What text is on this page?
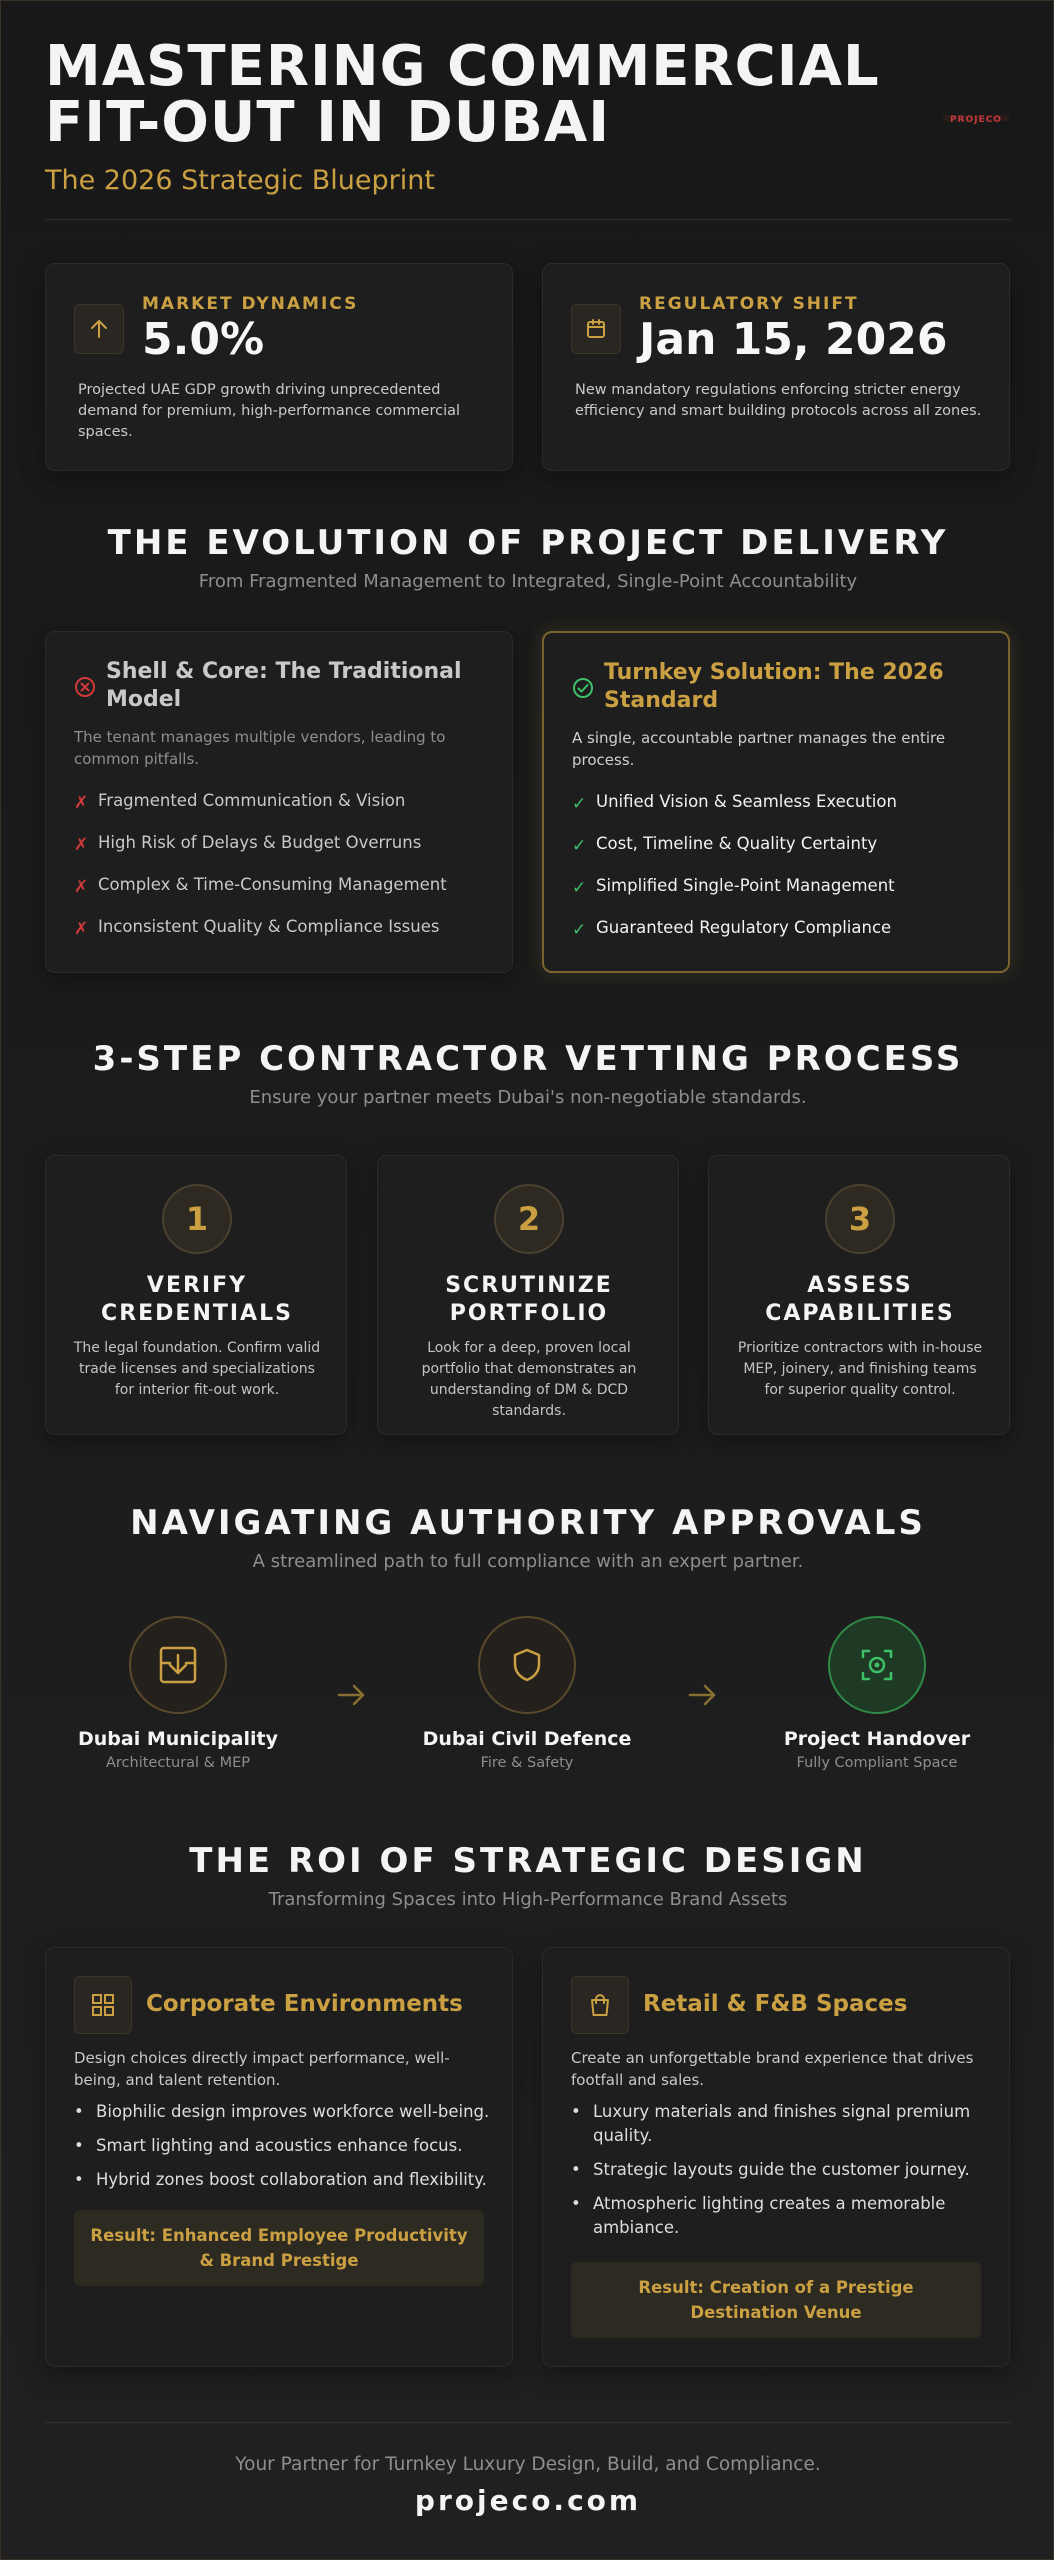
MASTERING COMMERCIAL FIT-OUT IN DUBAI
The 2026 Strategic Blueprint
PROJECO
MARKET DYNAMICS
5.0%
Projected UAE GDP growth driving unprecedented demand for premium, high-performance commercial spaces.
REGULATORY SHIFT
Jan 15, 2026
New mandatory regulations enforcing stricter energy efficiency and smart building protocols across all zones.
THE EVOLUTION OF PROJECT DELIVERY
From Fragmented Management to Integrated, Single-Point Accountability
Shell & Core: The Traditional Model
The tenant manages multiple vendors, leading to common pitfalls.
✗ Fragmented Communication & Vision
✗ High Risk of Delays & Budget Overruns
✗ Complex & Time-Consuming Management
✗ Inconsistent Quality & Compliance Issues
Turnkey Solution: The 2026 Standard
A single, accountable partner manages the entire process.
✓ Unified Vision & Seamless Execution
✓ Cost, Timeline & Quality Certainty
✓ Simplified Single-Point Management
✓ Guaranteed Regulatory Compliance
3-STEP CONTRACTOR VETTING PROCESS
Ensure your partner meets Dubai's non-negotiable standards.
1
VERIFY CREDENTIALS
The legal foundation. Confirm valid trade licenses and specializations for interior fit-out work.
2
SCRUTINIZE PORTFOLIO
Look for a deep, proven local portfolio that demonstrates an understanding of DM & DCD standards.
3
ASSESS CAPABILITIES
Prioritize contractors with in-house MEP, joinery, and finishing teams for superior quality control.
NAVIGATING AUTHORITY APPROVALS
A streamlined path to full compliance with an expert partner.
Dubai Municipality
Architectural & MEP
Dubai Civil Defence
Fire & Safety
Project Handover
Fully Compliant Space
THE ROI OF STRATEGIC DESIGN
Transforming Spaces into High-Performance Brand Assets
Corporate Environments
Design choices directly impact performance, well-being, and talent retention.
• Biophilic design improves workforce well-being.
• Smart lighting and acoustics enhance focus.
• Hybrid zones boost collaboration and flexibility.
Result: Enhanced Employee Productivity & Brand Prestige
Retail & F&B Spaces
Create an unforgettable brand experience that drives footfall and sales.
• Luxury materials and finishes signal premium quality.
• Strategic layouts guide the customer journey.
• Atmospheric lighting creates a memorable ambiance.
Result: Creation of a Prestige Destination Venue
Your Partner for Turnkey Luxury Design, Build, and Compliance.
projeco.com
